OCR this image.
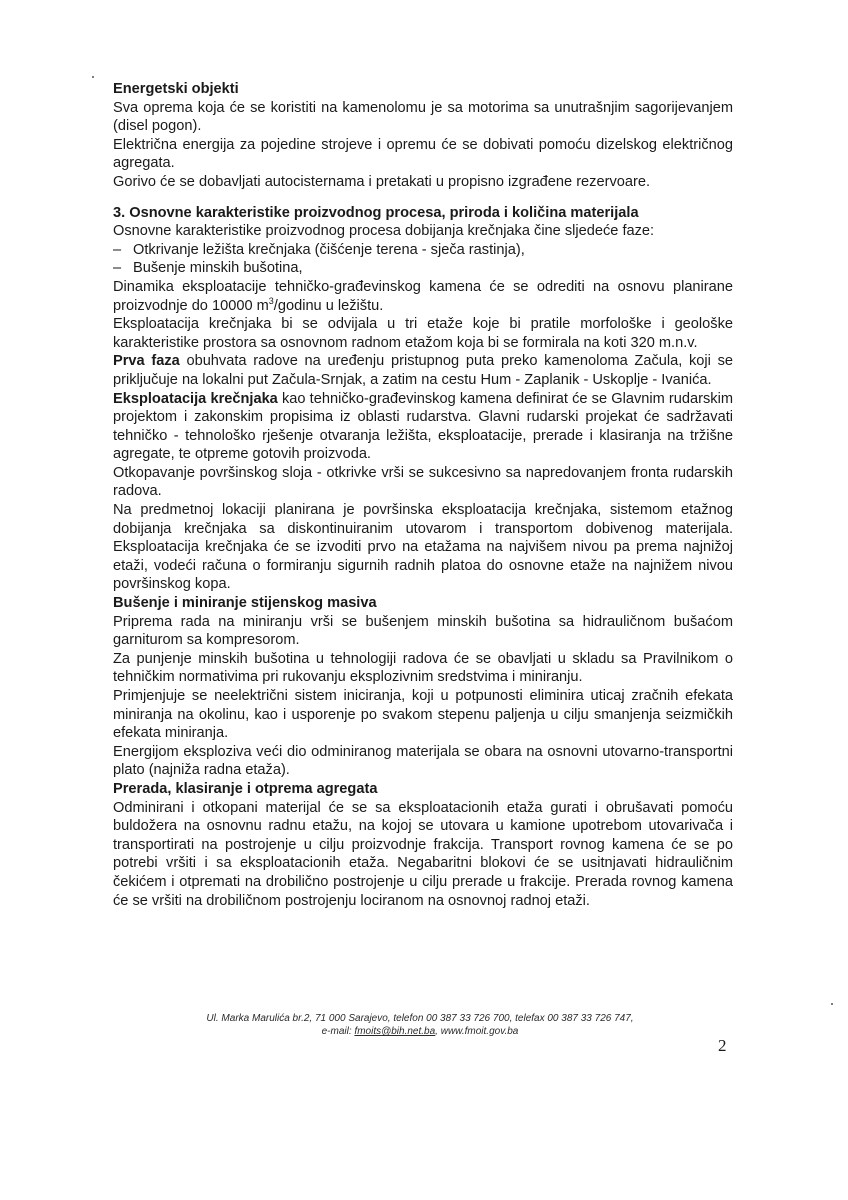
Energetski objekti

Sva oprema koja će se koristiti na kamenolomu je sa motorima sa unutrašnjim sagorijevanjem (disel pogon).

Električna energija za pojedine strojeve i opremu će se dobivati pomoću dizelskog električnog agregata.

Gorivo će se dobavljati autocisternama i pretakati u propisno izgrađene rezervoare.

3. Osnovne karakteristike proizvodnog procesa, priroda i količina materijala

Osnovne karakteristike proizvodnog procesa dobijanja krečnjaka čine sljedeće faze:

– Otkrivanje ležišta krečnjaka (čišćenje terena - sječa rastinja),

– Bušenje minskih bušotina,

Dinamika eksploatacije tehničko-građevinskog kamena će se odrediti na osnovu planirane proizvodnje do 10000 $m^3$/godinu u ležištu.

Eksploatacija krečnjaka bi se odvijala u tri etaže koje bi pratile morfološke i geološke karakteristike prostora sa osnovnom radnom etažom koja bi se formirala na koti 320 m.n.v.

Prva faza obuhvata radove na uređenju pristupnog puta preko kamenoloma Začula, koji se priključuje na lokalni put Začula-Srnjak, a zatim na cestu Hum - Zaplanik - Uskoplje - Ivanića.

Eksploatacija krečnjaka kao tehničko-građevinskog kamena definirat će se Glavnim rudarskim projektom i zakonskim propisima iz oblasti rudarstva. Glavni rudarski projekat će sadržavati tehničko - tehnološko rješenje otvaranja ležišta, eksploatacije, prerade i klasiranja na tržišne agregate, te otpreme gotovih proizvoda.

Otkopavanje površinskog sloja - otkrivke vrši se sukcesivno sa napredovanjem fronta rudarskih radova.

Na predmetnoj lokaciji planirana je površinska eksploatacija krečnjaka, sistemom etažnog dobijanja krečnjaka sa diskontinuiranim utovarom i transportom dobivenog materijala. Eksploatacija krečnjaka će se izvoditi prvo na etažama na najvišem nivou pa prema najnižoj etaži, vodeći računa o formiranju sigurnih radnih platoa do osnovne etaže na najnižem nivou površinskog kopa.

Bušenje i miniranje stijenskog masiva

Priprema rada na miniranju vrši se bušenjem minskih bušotina sa hidrauličnom bušaćom garniturom sa kompresorom.

Za punjenje minskih bušotina u tehnologiji radova će se obavljati u skladu sa Pravilnikom o tehničkim normativima pri rukovanju eksplozivnim sredstvima i miniranju.

Primjenjuje se neelektrični sistem iniciranja, koji u potpunosti eliminira uticaj zračnih efekata miniranja na okolinu, kao i usporenje po svakom stepenu paljenja u cilju smanjenja seizmičkih efekata miniranja.

Energijom eksploziva veći dio odminiranog materijala se obara na osnovni utovarno-transportni plato (najniža radna etaža).

Prerada, klasiranje i otprema agregata

Odminirani i otkopani materijal će se sa eksploatacionih etaža gurati i obrušavati pomoću buldožera na osnovnu radnu etažu, na kojoj se utovara u kamione upotrebom utovarivača i transportirati na postrojenje u cilju proizvodnje frakcija. Transport rovnog kamena će se po potrebi vršiti i sa eksploatacionih etaža. Negabaritni blokovi će se usitnjavati hidrauličnim čekićem i otpremati na drobilično postrojenje u cilju prerade u frakcije. Prerada rovnog kamena će se vršiti na drobiličnom postrojenju lociranom na osnovnoj radnoj etaži.

Ul. Marka Marulića br.2, 71 000 Sarajevo, telefon 00 387 33 726 700, telefax 00 387 33 726 747,
e-mail: fmoits@bih.net.ba, www.fmoit.gov.ba
2
